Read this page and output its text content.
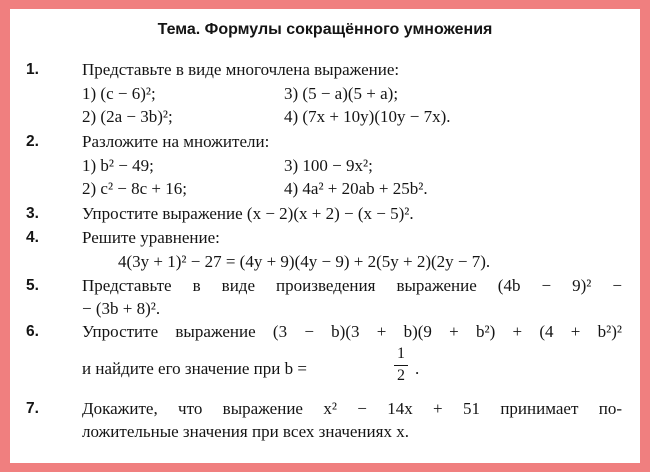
Тема. Формулы сокращённого умножения
1.	Представьте в виде многочлена выражение:
1) (c − 6)²;	3) (5 − a)(5 + a);
2) (2a − 3b)²;	4) (7x + 10y)(10y − 7x).
2.	Разложите на множители:
1) b² − 49;	3) 100 − 9x²;
2) c² − 8c + 16;	4) 4a² + 20ab + 25b².
3.	Упростите выражение (x − 2)(x + 2) − (x − 5)².
4.	Решите уравнение:
4(3y + 1)² − 27 = (4y + 9)(4y − 9) + 2(5y + 2)(2y − 7).
5.	Представьте в виде произведения выражение (4b − 9)² −
− (3b + 8)².
6.	Упростите выражение (3 − b)(3 + b)(9 + b²) + (4 + b²)²
и найдите его значение при b =
1
2 .
7.	Докажите, что выражение x² − 14x + 51 принимает по-
ложительные значения при всех значениях x.
